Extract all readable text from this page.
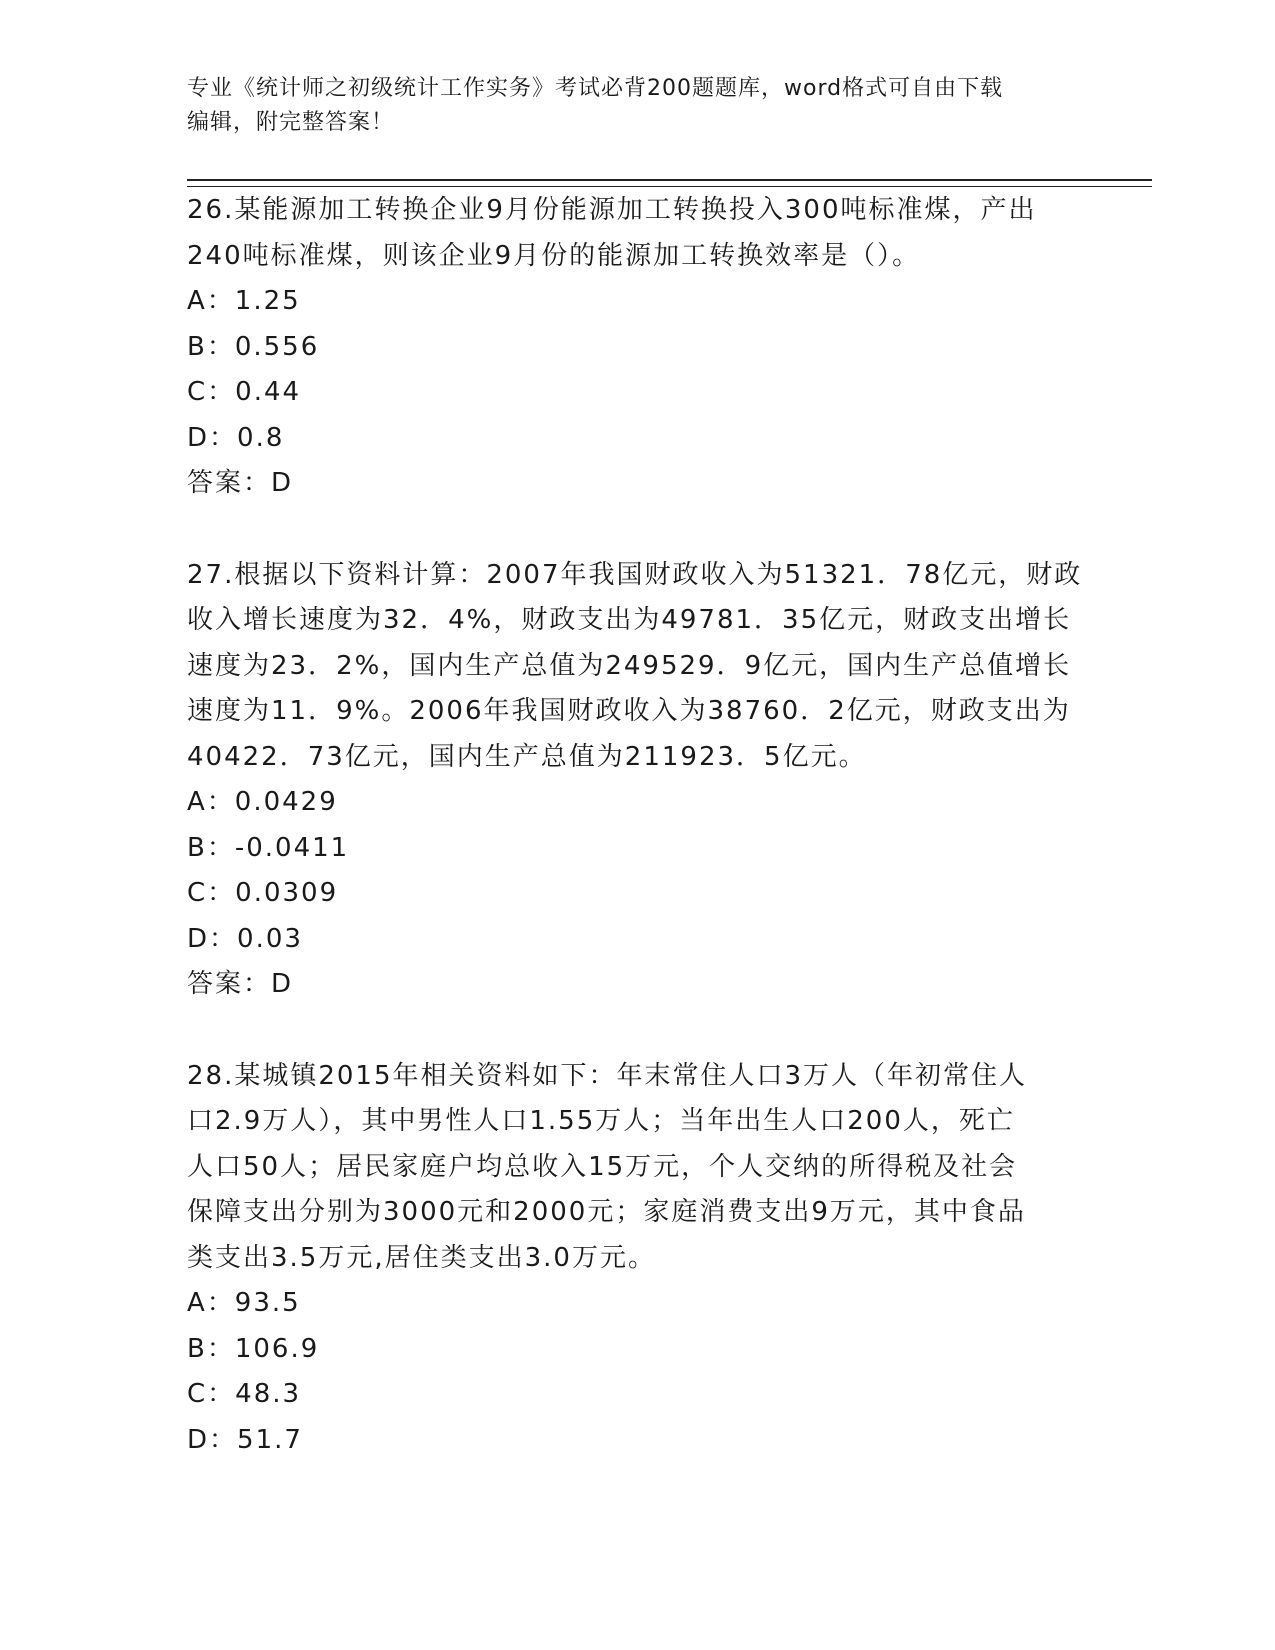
专业《统计师之初级统计工作实务》考试必背200题题库，word格式可自由下载
编辑，附完整答案！

26.某能源加工转换企业9月份能源加工转换投入300吨标准煤，产出

240吨标准煤，则该企业9月份的能源加工转换效率是（）。

A：1.25

B：0.556

C：0.44

D：0.8

答案：D

27.根据以下资料计算：2007年我国财政收入为51321．78亿元，财政

收入增长速度为32．4%，财政支出为49781．35亿元，财政支出增长

速度为23．2%，国内生产总值为249529．9亿元，国内生产总值增长

速度为11．9%。2006年我国财政收入为38760．2亿元，财政支出为

40422．73亿元，国内生产总值为211923．5亿元。

A：0.0429

B：-0.0411

C：0.0309

D：0.03

答案：D

28.某城镇2015年相关资料如下：年末常住人口3万人（年初常住人

口2.9万人），其中男性人口1.55万人；当年出生人口200人，死亡

人口50人；居民家庭户均总收入15万元，个人交纳的所得税及社会

保障支出分别为3000元和2000元；家庭消费支出9万元，其中食品

类支出3.5万元,居住类支出3.0万元。

A：93.5

B：106.9

C：48.3

D：51.7
